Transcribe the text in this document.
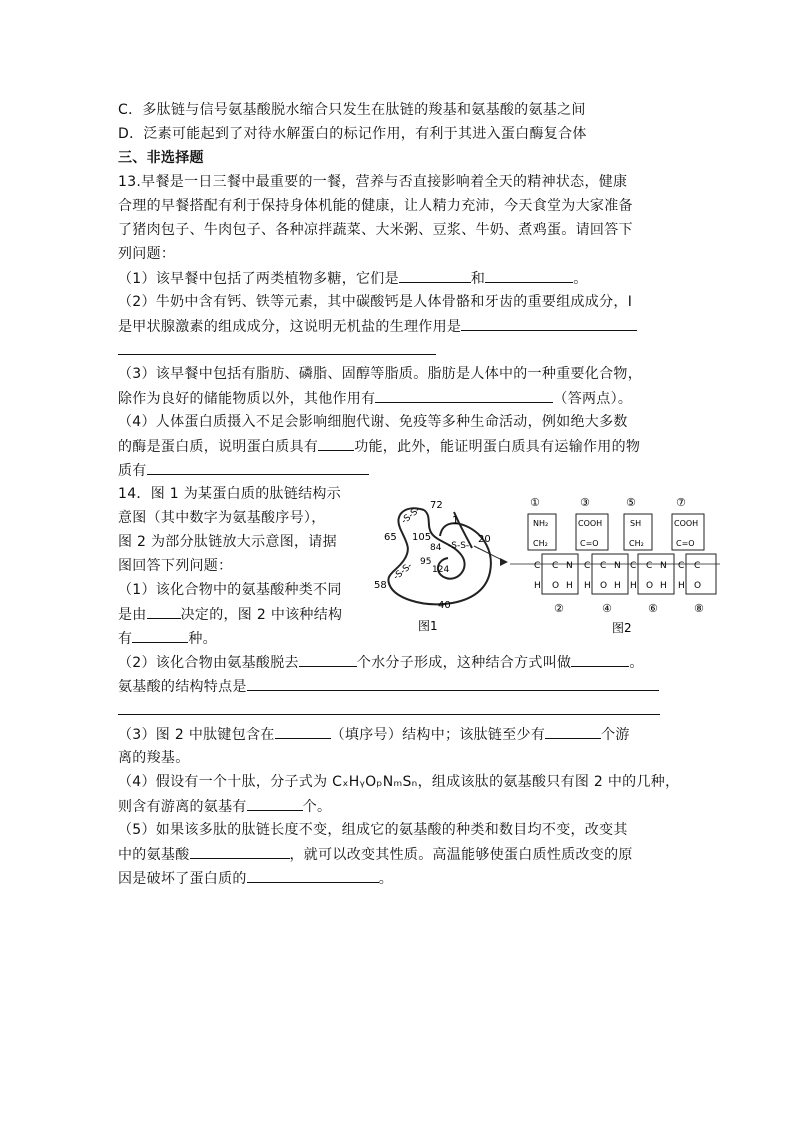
C．多肽链与信号氨基酸脱水缩合只发生在肽链的羧基和氨基酸的氨基之间
D．泛素可能起到了对待水解蛋白的标记作用，有利于其进入蛋白酶复合体
三、非选择题
13.早餐是一日三餐中最重要的一餐，营养与否直接影响着全天的精神状态，健康
合理的早餐搭配有利于保持身体机能的健康，让人精力充沛，今天食堂为大家准备
了猪肉包子、牛肉包子、各种凉拌蔬菜、大米粥、豆浆、牛奶、煮鸡蛋。请回答下
列问题：
（1）该早餐中包括了两类植物多糖，它们是	和	。
（2）牛奶中含有钙、铁等元素，其中碳酸钙是人体骨骼和牙齿的重要组成成分，I
是甲状腺激素的组成成分，这说明无机盐的生理作用是
（3）该早餐中包括有脂肪、磷脂、固醇等脂质。脂肪是人体中的一种重要化合物，
除作为良好的储能物质以外，其他作用有	（答两点）。
（4）人体蛋白质摄入不足会影响细胞代谢、免疫等多种生命活动，例如绝大多数
的酶是蛋白质，说明蛋白质具有	功能，此外，能证明蛋白质具有运输作用的物
质有
14．图 1 为某蛋白质的肽链结构示
意图（其中数字为氨基酸序号），
图 2 为部分肽链放大示意图，请据
图回答下列问题：
（1）该化合物中的氨基酸种类不同
是由 决定的，图 2 中该种结构
有	种。
72
1
65 105
84 -S-S-
20
95
124
58
40
-S-S-
-S-S-
图1
①	③	⑤	⑦
NH₂
CH₂
COOH
C=O
SH
CH₂
COOH
C=O
C C N C C N C C N C C
H O H H O H H O H H O
②	④	⑥	⑧
图2
（2）该化合物由氨基酸脱去	个水分子形成，这种结合方式叫做	。
氨基酸的结构特点是
（3）图 2 中肽键包含在	（填序号）结构中；该肽链至少有	个游
离的羧基。
（4）假设有一个十肽，分子式为 CₓHᵧOₚNₘSₙ，组成该肽的氨基酸只有图 2 中的几种，
则含有游离的氨基有	个。
（5）如果该多肽的肽链长度不变，组成它的氨基酸的种类和数目均不变，改变其
中的氨基酸	，就可以改变其性质。高温能够使蛋白质性质改变的原
因是破坏了蛋白质的	。
